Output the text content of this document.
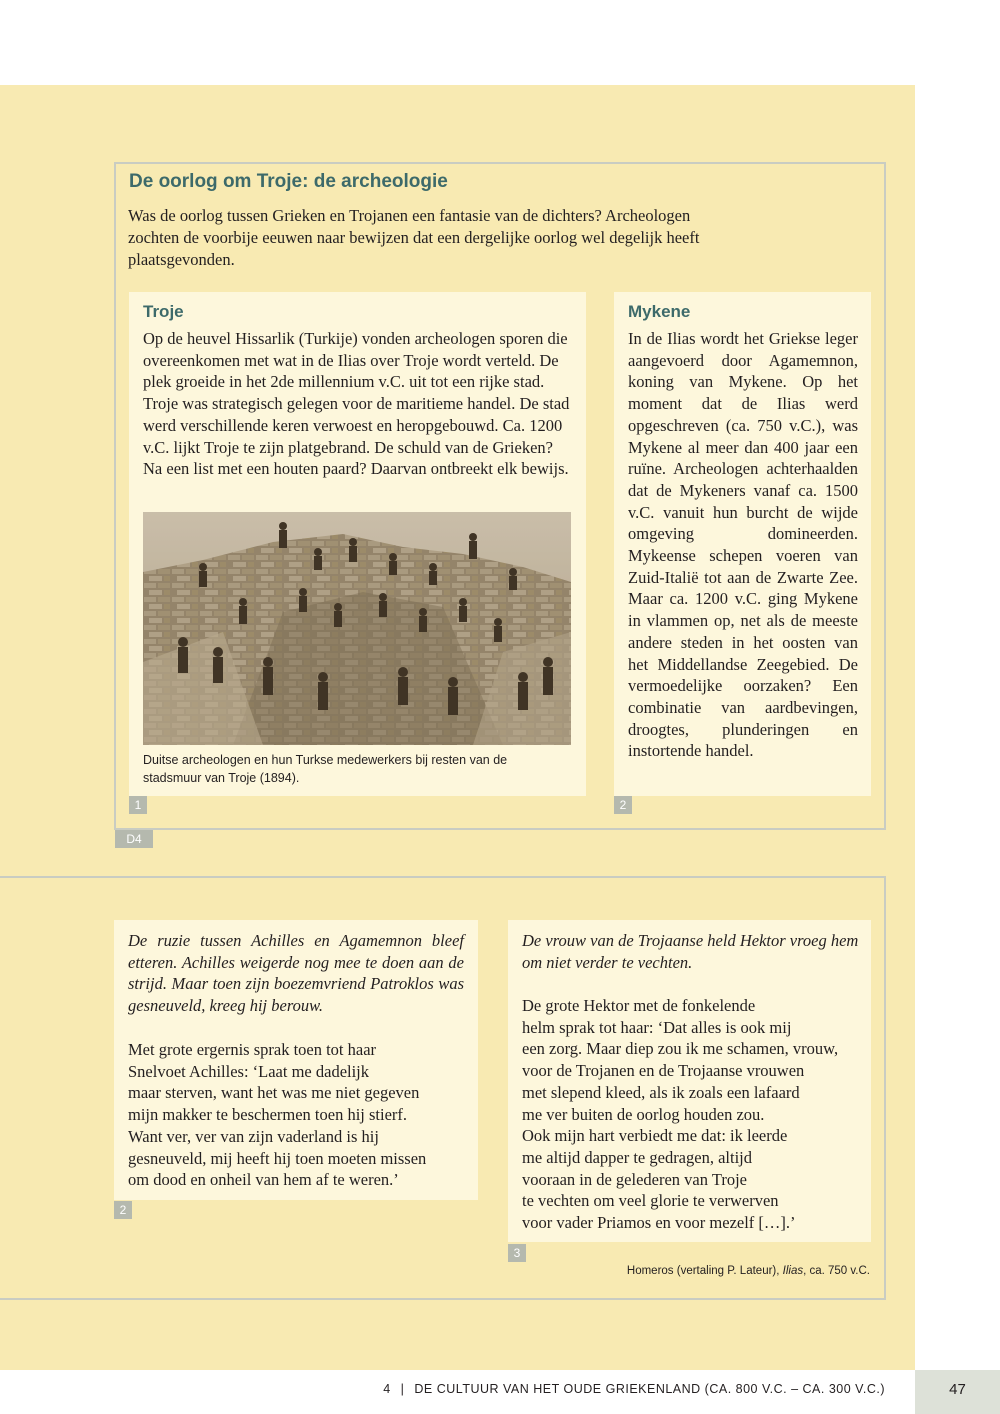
De oorlog om Troje: de archeologie
Was de oorlog tussen Grieken en Trojanen een fantasie van de dichters? Archeologen zochten de voorbije eeuwen naar bewijzen dat een dergelijke oorlog wel degelijk heeft plaatsgevonden.
Troje
Op de heuvel Hissarlik (Turkije) vonden archeologen sporen die overeenkomen met wat in de Ilias over Troje wordt verteld. De plek groeide in het 2de millennium v.C. uit tot een rijke stad. Troje was strategisch gelegen voor de maritieme handel. De stad werd verschillende keren verwoest en heropgebouwd. Ca. 1200 v.C. lijkt Troje te zijn platgebrand. De schuld van de Grieken? Na een list met een houten paard? Daarvan ontbreekt elk bewijs.
Duitse archeologen en hun Turkse medewerkers bij resten van de stadsmuur van Troje (1894).
1
Mykene
In de Ilias wordt het Griekse leger aangevoerd door Agamemnon, koning van Mykene. Op het moment dat de Ilias werd opgeschreven (ca. 750 v.C.), was Mykene al meer dan 400 jaar een ruïne. Archeologen achterhaalden dat de Mykeners vanaf ca. 1500 v.C. vanuit hun burcht de wijde omgeving domineerden. Mykeense schepen voeren van Zuid-Italië tot aan de Zwarte Zee. Maar ca. 1200 v.C. ging Mykene in vlammen op, net als de meeste andere steden in het oosten van het Middellandse Zeegebied. De vermoedelijke oorzaken? Een combinatie van aardbevingen, droogtes, plunderingen en instortende handel.
2
D4
De ruzie tussen Achilles en Agamemnon bleef etteren. Achilles weigerde nog mee te doen aan de strijd. Maar toen zijn boezemvriend Patroklos was gesneuveld, kreeg hij berouw.
Met grote ergernis sprak toen tot haar
Snelvoet Achilles: ‘Laat me dadelijk
maar sterven, want het was me niet gegeven
mijn makker te beschermen toen hij stierf.
Want ver, ver van zijn vaderland is hij
gesneuveld, mij heeft hij toen moeten missen
om dood en onheil van hem af te weren.’
2
De vrouw van de Trojaanse held Hektor vroeg hem om niet verder te vechten.
De grote Hektor met de fonkelende
helm sprak tot haar: ‘Dat alles is ook mij
een zorg. Maar diep zou ik me schamen, vrouw,
voor de Trojanen en de Trojaanse vrouwen
met slepend kleed, als ik zoals een lafaard
me ver buiten de oorlog houden zou.
Ook mijn hart verbiedt me dat: ik leerde
me altijd dapper te gedragen, altijd
vooraan in de gelederen van Troje
te vechten om veel glorie te verwerven
voor vader Priamos en voor mezelf […].’
3
Homeros (vertaling P. Lateur), Ilias, ca. 750 v.C.
4 | DE CULTUUR VAN HET OUDE GRIEKENLAND (CA. 800 V.C. – CA. 300 V.C.)	47
